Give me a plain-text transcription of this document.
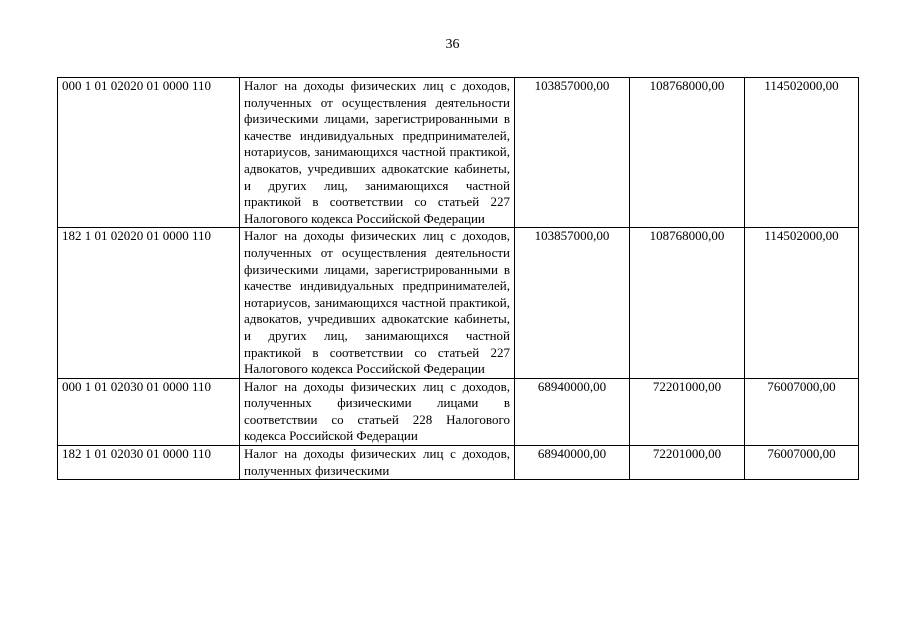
36
000 1 01 02020 01 0000 110	Налог на доходы физических лиц с доходов, полученных от осуществления деятельности физическими лицами, зарегистрированными в качестве индивидуальных предпринимателей, нотариусов, занимающихся частной практикой, адвокатов, учредивших адвокатские кабинеты, и других лиц, занимающихся частной практикой в соответствии со статьей 227 Налогового кодекса Российской Федерации	103857000,00	108768000,00	114502000,00
182 1 01 02020 01 0000 110	Налог на доходы физических лиц с доходов, полученных от осуществления деятельности физическими лицами, зарегистрированными в качестве индивидуальных предпринимателей, нотариусов, занимающихся частной практикой, адвокатов, учредивших адвокатские кабинеты, и других лиц, занимающихся частной практикой в соответствии со статьей 227 Налогового кодекса Российской Федерации	103857000,00	108768000,00	114502000,00
000 1 01 02030 01 0000 110	Налог на доходы физических лиц с доходов, полученных физическими лицами в соответствии со статьей 228 Налогового кодекса Российской Федерации	68940000,00	72201000,00	76007000,00
182 1 01 02030 01 0000 110	Налог на доходы физических лиц с доходов, полученных физическими	68940000,00	72201000,00	76007000,00
